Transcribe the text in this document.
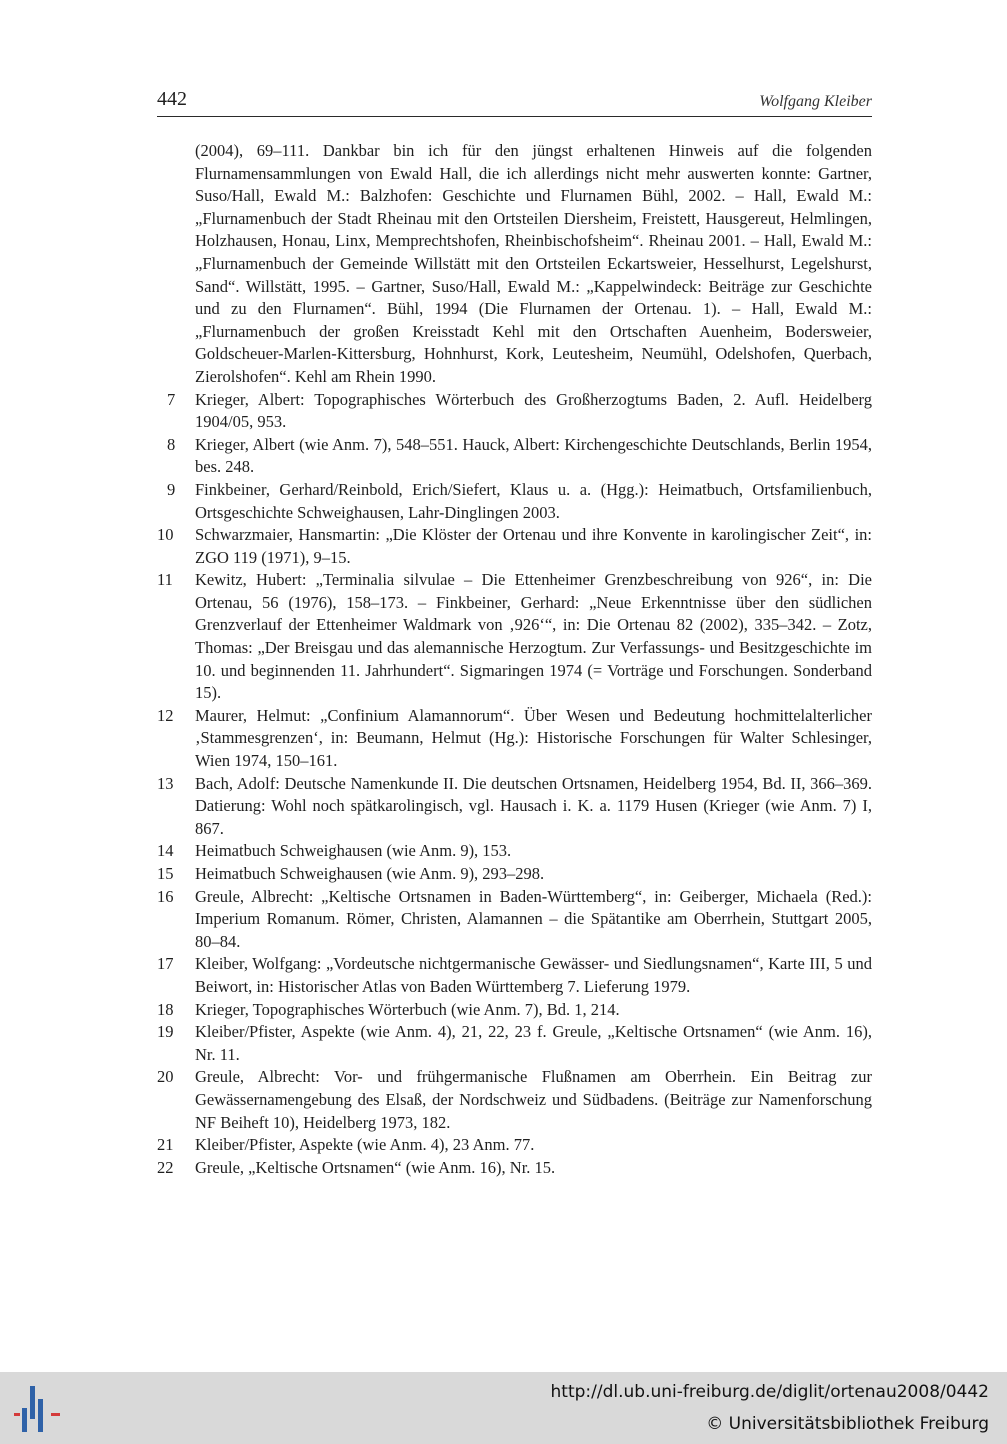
442	Wolfgang Kleiber

(2004), 69–111. Dankbar bin ich für den jüngst erhaltenen Hinweis auf die folgenden Flurnamensammlungen von Ewald Hall, die ich allerdings nicht mehr auswerten konnte: Gartner, Suso/Hall, Ewald M.: Balzhofen: Geschichte und Flurnamen Bühl, 2002. – Hall, Ewald M.: „Flurnamenbuch der Stadt Rheinau mit den Ortsteilen Diersheim, Freistett, Hausgereut, Helmlingen, Holzhausen, Honau, Linx, Memprechtshofen, Rheinbischofsheim“. Rheinau 2001. – Hall, Ewald M.: „Flurnamenbuch der Gemeinde Willstätt mit den Ortsteilen Eckartsweier, Hesselhurst, Legelshurst, Sand“. Willstätt, 1995. – Gartner, Suso/Hall, Ewald M.: „Kappelwindeck: Beiträge zur Geschichte und zu den Flurnamen“. Bühl, 1994 (Die Flurnamen der Ortenau. 1). – Hall, Ewald M.: „Flurnamenbuch der großen Kreisstadt Kehl mit den Ortschaften Auenheim, Bodersweier, Goldscheuer-Marlen-Kittersburg, Hohnhurst, Kork, Leutesheim, Neumühl, Odelshofen, Querbach, Zierolshofen“. Kehl am Rhein 1990.

7	Krieger, Albert: Topographisches Wörterbuch des Großherzogtums Baden, 2. Aufl. Heidelberg 1904/05, 953.
8	Krieger, Albert (wie Anm. 7), 548–551. Hauck, Albert: Kirchengeschichte Deutschlands, Berlin 1954, bes. 248.
9	Finkbeiner, Gerhard/Reinbold, Erich/Siefert, Klaus u. a. (Hgg.): Heimatbuch, Ortsfamilienbuch, Ortsgeschichte Schweighausen, Lahr-Dinglingen 2003.
10	Schwarzmaier, Hansmartin: „Die Klöster der Ortenau und ihre Konvente in karolingischer Zeit“, in: ZGO 119 (1971), 9–15.
11	Kewitz, Hubert: „Terminalia silvulae – Die Ettenheimer Grenzbeschreibung von 926“, in: Die Ortenau, 56 (1976), 158–173. – Finkbeiner, Gerhard: „Neue Erkenntnisse über den südlichen Grenzverlauf der Ettenheimer Waldmark von ‚926‘“, in: Die Ortenau 82 (2002), 335–342. – Zotz, Thomas: „Der Breisgau und das alemannische Herzogtum. Zur Verfassungs- und Besitzgeschichte im 10. und beginnenden 11. Jahrhundert“. Sigmaringen 1974 (= Vorträge und Forschungen. Sonderband 15).
12	Maurer, Helmut: „Confinium Alamannorum“. Über Wesen und Bedeutung hochmittelalterlicher ‚Stammesgrenzen‘, in: Beumann, Helmut (Hg.): Historische Forschungen für Walter Schlesinger, Wien 1974, 150–161.
13	Bach, Adolf: Deutsche Namenkunde II. Die deutschen Ortsnamen, Heidelberg 1954, Bd. II, 366–369. Datierung: Wohl noch spätkarolingisch, vgl. Hausach i. K. a. 1179 Husen (Krieger (wie Anm. 7) I, 867.
14	Heimatbuch Schweighausen (wie Anm. 9), 153.
15	Heimatbuch Schweighausen (wie Anm. 9), 293–298.
16	Greule, Albrecht: „Keltische Ortsnamen in Baden-Württemberg“, in: Geiberger, Michaela (Red.): Imperium Romanum. Römer, Christen, Alamannen – die Spätantike am Oberrhein, Stuttgart 2005, 80–84.
17	Kleiber, Wolfgang: „Vordeutsche nichtgermanische Gewässer- und Siedlungsnamen“, Karte III, 5 und Beiwort, in: Historischer Atlas von Baden Württemberg 7. Lieferung 1979.
18	Krieger, Topographisches Wörterbuch (wie Anm. 7), Bd. 1, 214.
19	Kleiber/Pfister, Aspekte (wie Anm. 4), 21, 22, 23 f. Greule, „Keltische Ortsnamen“ (wie Anm. 16), Nr. 11.
20	Greule, Albrecht: Vor- und frühgermanische Flußnamen am Oberrhein. Ein Beitrag zur Gewässernamengebung des Elsaß, der Nordschweiz und Südbadens. (Beiträge zur Namenforschung NF Beiheft 10), Heidelberg 1973, 182.
21	Kleiber/Pfister, Aspekte (wie Anm. 4), 23 Anm. 77.
22	Greule, „Keltische Ortsnamen“ (wie Anm. 16), Nr. 15.
http://dl.ub.uni-freiburg.de/diglit/ortenau2008/0442
© Universitätsbibliothek Freiburg
